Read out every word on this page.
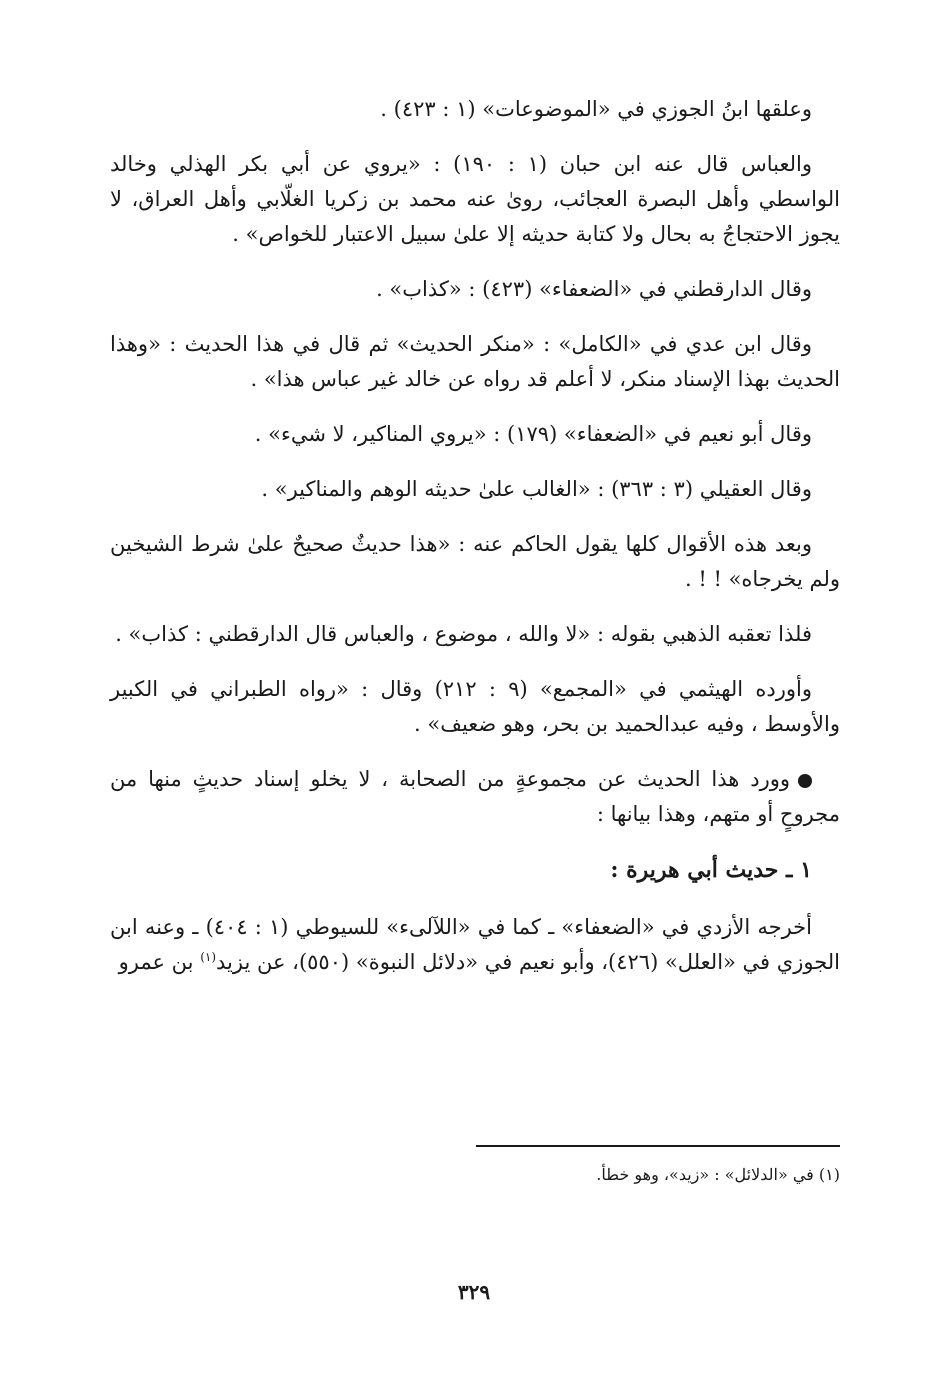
وعلقها ابنُ الجوزي في «الموضوعات» (١ : ٤٢٣) .

والعباس قال عنه ابن حبان (١ : ١٩٠) : «يروي عن أبي بكر الهذلي وخالد الواسطي وأهل البصرة العجائب، روىٰ عنه محمد بن زكريا الغلّابي وأهل العراق، لا يجوز الاحتجاجُ به بحال ولا كتابة حديثه إلا علىٰ سبيل الاعتبار للخواص» .

وقال الدارقطني في «الضعفاء» (٤٢٣) : «كذاب» .

وقال ابن عدي في «الكامل» : «منكر الحديث» ثم قال في هذا الحديث : «وهذا الحديث بهذا الإسناد منكر، لا أعلم قد رواه عن خالد غير عباس هذا» .

وقال أبو نعيم في «الضعفاء» (١٧٩) : «يروي المناكير، لا شيء» .

وقال العقيلي (٣ : ٣٦٣) : «الغالب علىٰ حديثه الوهم والمناكير» .

وبعد هذه الأقوال كلها يقول الحاكم عنه : «هذا حديثٌ صحيحٌ علىٰ شرط الشيخين ولم يخرجاه» ! ! .

فلذا تعقبه الذهبي بقوله : «لا والله ، موضوع ، والعباس قال الدارقطني : كذاب» .

وأورده الهيثمي في «المجمع» (٩ : ٢١٢) وقال : «رواه الطبراني في الكبير والأوسط ، وفيه عبدالحميد بن بحر، وهو ضعيف» .

وورد هذا الحديث عن مجموعةٍ من الصحابة ، لا يخلو إسناد حديثٍ منها من مجروحٍ أو متهم، وهذا بيانها :

١ ـ حديث أبي هريرة :

أخرجه الأزدي في «الضعفاء» ـ كما في «اللآلىء» للسيوطي (١ : ٤٠٤) ـ وعنه ابن الجوزي في «العلل» (٤٢٦)، وأبو نعيم في «دلائل النبوة» (٥٥٠)، عن يزيد$^{(١)}$ بن عمرو

(١) في «الدلائل» : «زيد»، وهو خطأ.
٣٢٩
